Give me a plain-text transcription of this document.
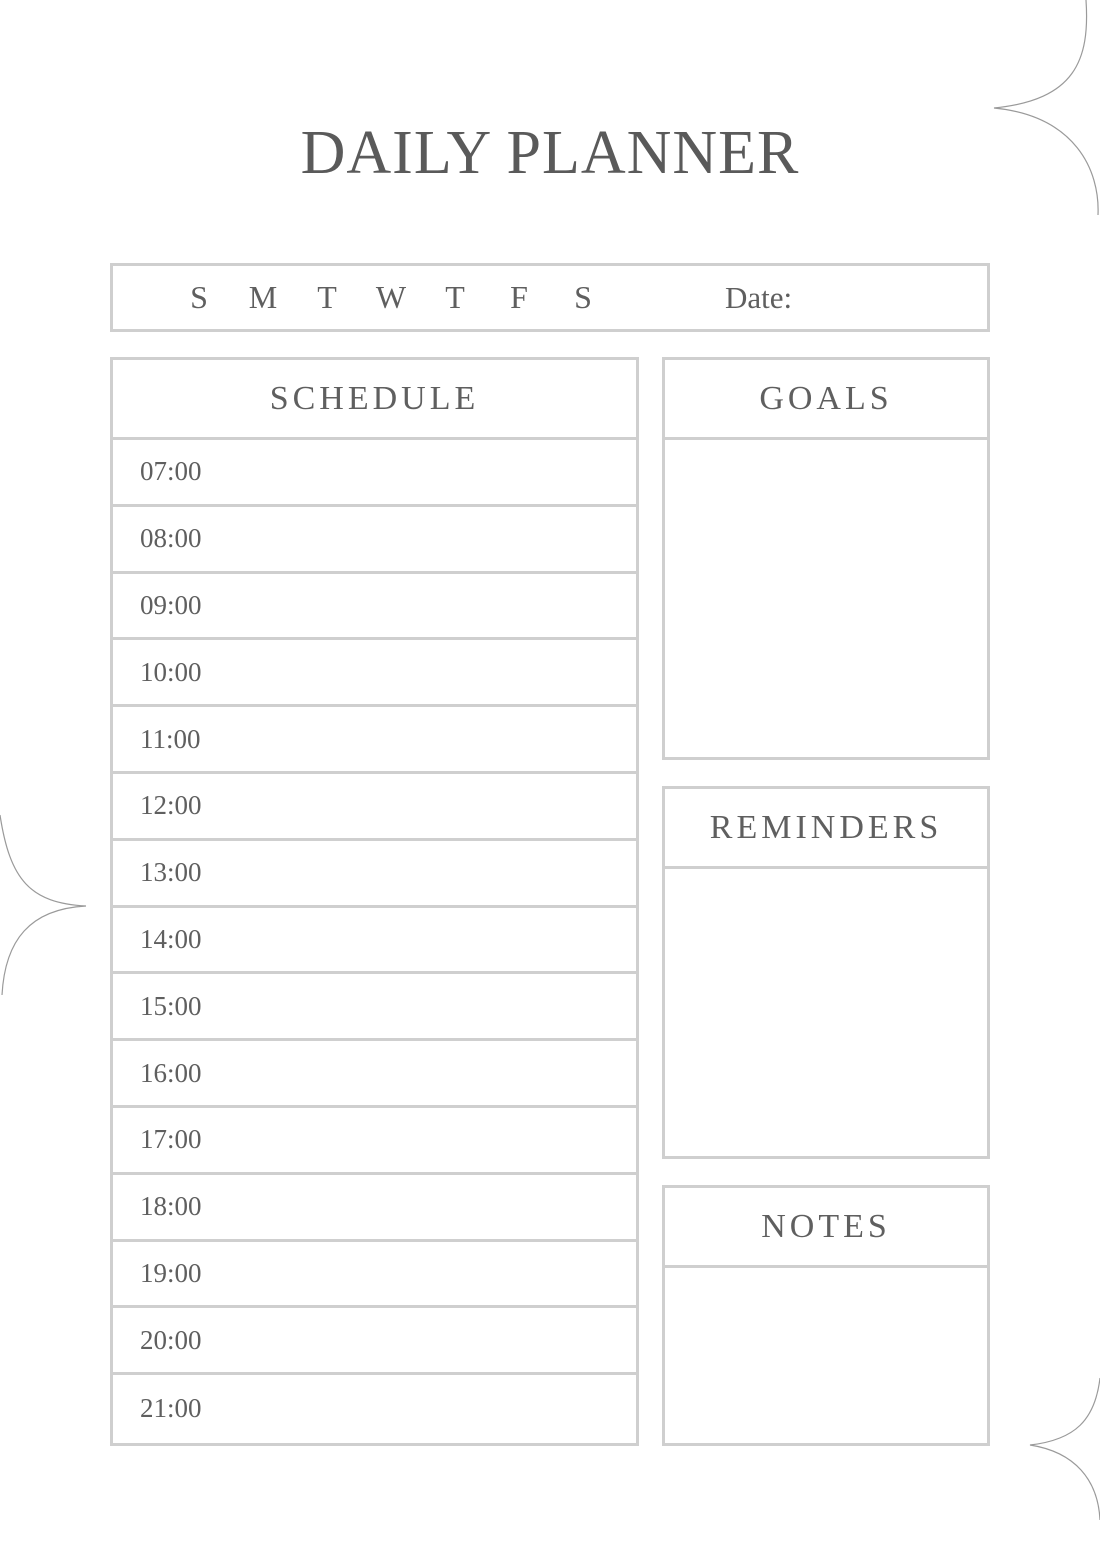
DAILY PLANNER
S	M	T	W	T	F	S	Date:
SCHEDULE
07:00
08:00
09:00
10:00
11:00
12:00
13:00
14:00
15:00
16:00
17:00
18:00
19:00
20:00
21:00
GOALS
REMINDERS
NOTES
